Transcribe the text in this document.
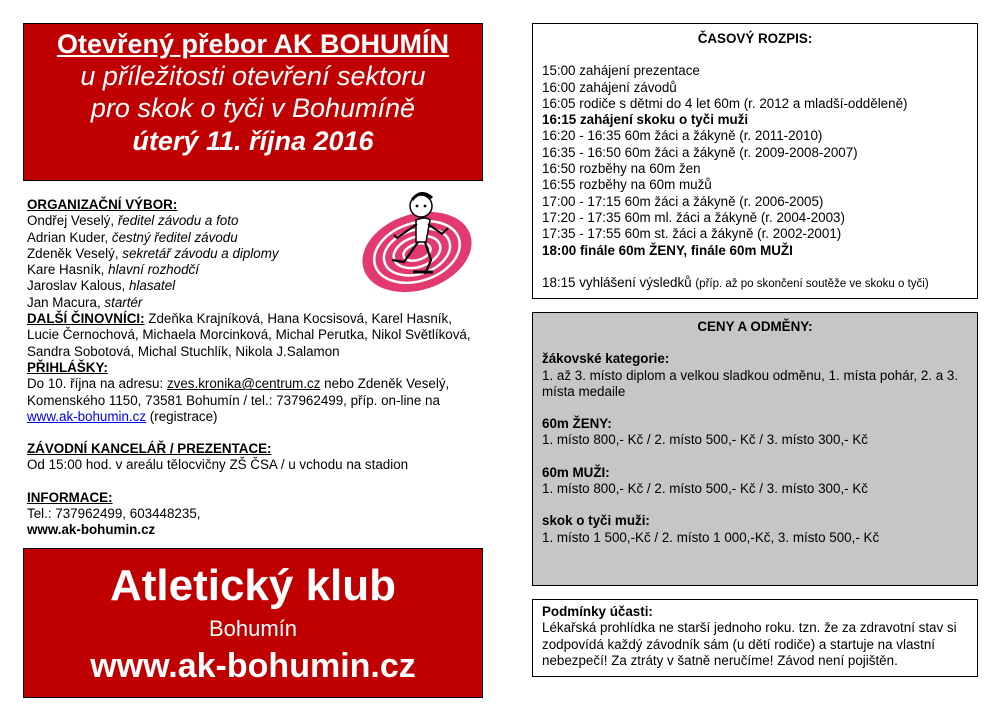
Otevřený přebor AK BOHUMÍN
u příležitosti otevření sektoru
pro skok o tyči v Bohumíně
úterý 11. října 2016
ORGANIZAČNÍ VÝBOR:
Ondřej Veselý, ředitel závodu a foto
Adrian Kuder, čestný ředitel závodu
Zdeněk Veselý, sekretář závodu a diplomy
Kare Hasník, hlavní rozhodčí
Jaroslav Kalous, hlasatel
Jan Macura, startér
DALŠÍ ČINOVNÍCI: Zdeňka Krajníková, Hana Kocsisová, Karel Hasník, Lucie Černochová, Michaela Morcinková, Michal Perutka, Nikol Světlíková, Sandra Sobotová, Michal Stuchlík, Nikola J.Salamon
PŘIHLÁŠKY:
Do 10. října na adresu: zves.kronika@centrum.cz nebo Zdeněk Veselý, Komenského 1150, 73581 Bohumín / tel.: 737962499, příp. on-line na www.ak-bohumin.cz (registrace)
ZÁVODNÍ KANCELÁŘ / PREZENTACE:
Od 15:00 hod. v areálu tělocvičny ZŠ ČSA / u vchodu na stadion
INFORMACE:
Tel.: 737962499, 603448235,
www.ak-bohumin.cz
Atletický klub
Bohumín
www.ak-bohumin.cz
ČASOVÝ ROZPIS:
15:00 zahájení prezentace
16:00 zahájení závodů
16:05 rodiče s dětmi do 4 let 60m (r. 2012 a mladší-odděleně)
16:15 zahájení skoku o tyči muži
16:20 - 16:35 60m žáci a žákyně (r. 2011-2010)
16:35 - 16:50 60m žáci a žákyně (r. 2009-2008-2007)
16:50 rozběhy na 60m žen
16:55 rozběhy na 60m mužů
17:00 - 17:15 60m žáci a žákyně (r. 2006-2005)
17:20 - 17:35 60m ml. žáci a žákyně (r. 2004-2003)
17:35 - 17:55 60m st. žáci a žákyně (r. 2002-2001)
18:00 finále 60m ŽENY, finále 60m MUŽI
18:15 vyhlášení výsledků (příp. až po skončení soutěže ve skoku o tyči)
CENY A ODMĚNY:
žákovské kategorie:
1. až 3. místo diplom a velkou sladkou odměnu, 1. místa pohár, 2. a 3. místa medaile
60m ŽENY:
1. místo 800,- Kč / 2. místo 500,- Kč / 3. místo 300,- Kč
60m MUŽI:
1. místo 800,- Kč / 2. místo 500,- Kč / 3. místo 300,- Kč
skok o tyči muži:
1. místo 1 500,-Kč / 2. místo 1 000,-Kč, 3. místo 500,- Kč
Podmínky účasti:
Lékařská prohlídka ne starší jednoho roku. tzn. že za zdravotní stav si zodpovídá každý závodník sám (u dětí rodiče) a startuje na vlastní nebezpečí! Za ztráty v šatně neručíme! Závod není pojištěn.
